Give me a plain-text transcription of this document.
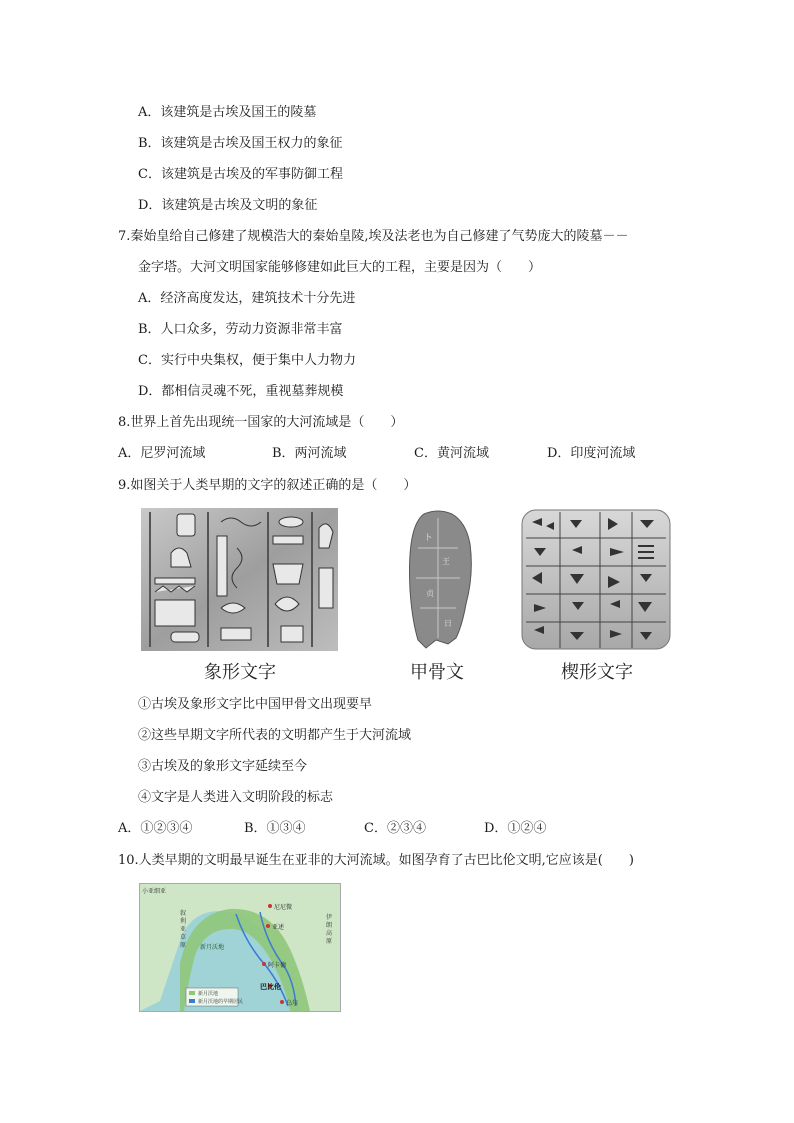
A．该建筑是古埃及国王的陵墓
B．该建筑是古埃及国王权力的象征
C．该建筑是古埃及的军事防御工程
D．该建筑是古埃及文明的象征
7.秦始皇给自己修建了规模浩大的秦始皇陵,埃及法老也为自己修建了气势庞大的陵墓－－
金字塔。大河文明国家能够修建如此巨大的工程，主要是因为（　　）
A．经济高度发达，建筑技术十分先进
B．人口众多，劳动力资源非常丰富
C．实行中央集权，便于集中人力物力
D．都相信灵魂不死，重视墓葬规模
8.世界上首先出现统一国家的大河流域是（　　）
A．尼罗河流域	B．两河流域	C．黄河流域	D．印度河流域
9.如图关于人类早期的文字的叙述正确的是（　　）
卜
王
贞
日
象形文字	甲骨文	楔形文字
①古埃及象形文字比中国甲骨文出现要早
②这些早期文字所代表的文明都产生于大河流域
③古埃及的象形文字延续至今
④文字是人类进入文明阶段的标志
A．①②③④	B．①③④	C．②③④	D．①②④
10.人类早期的文明最早诞生在亚非的大河流域。如图孕育了古巴比伦文明,它应该是(　　)
小亚细亚
伊朗高原
叙利亚草原
尼尼微
亚述
阿卡德
巴比伦
乌尔
新月沃地
新月沃地
新月沃地的早期居民
